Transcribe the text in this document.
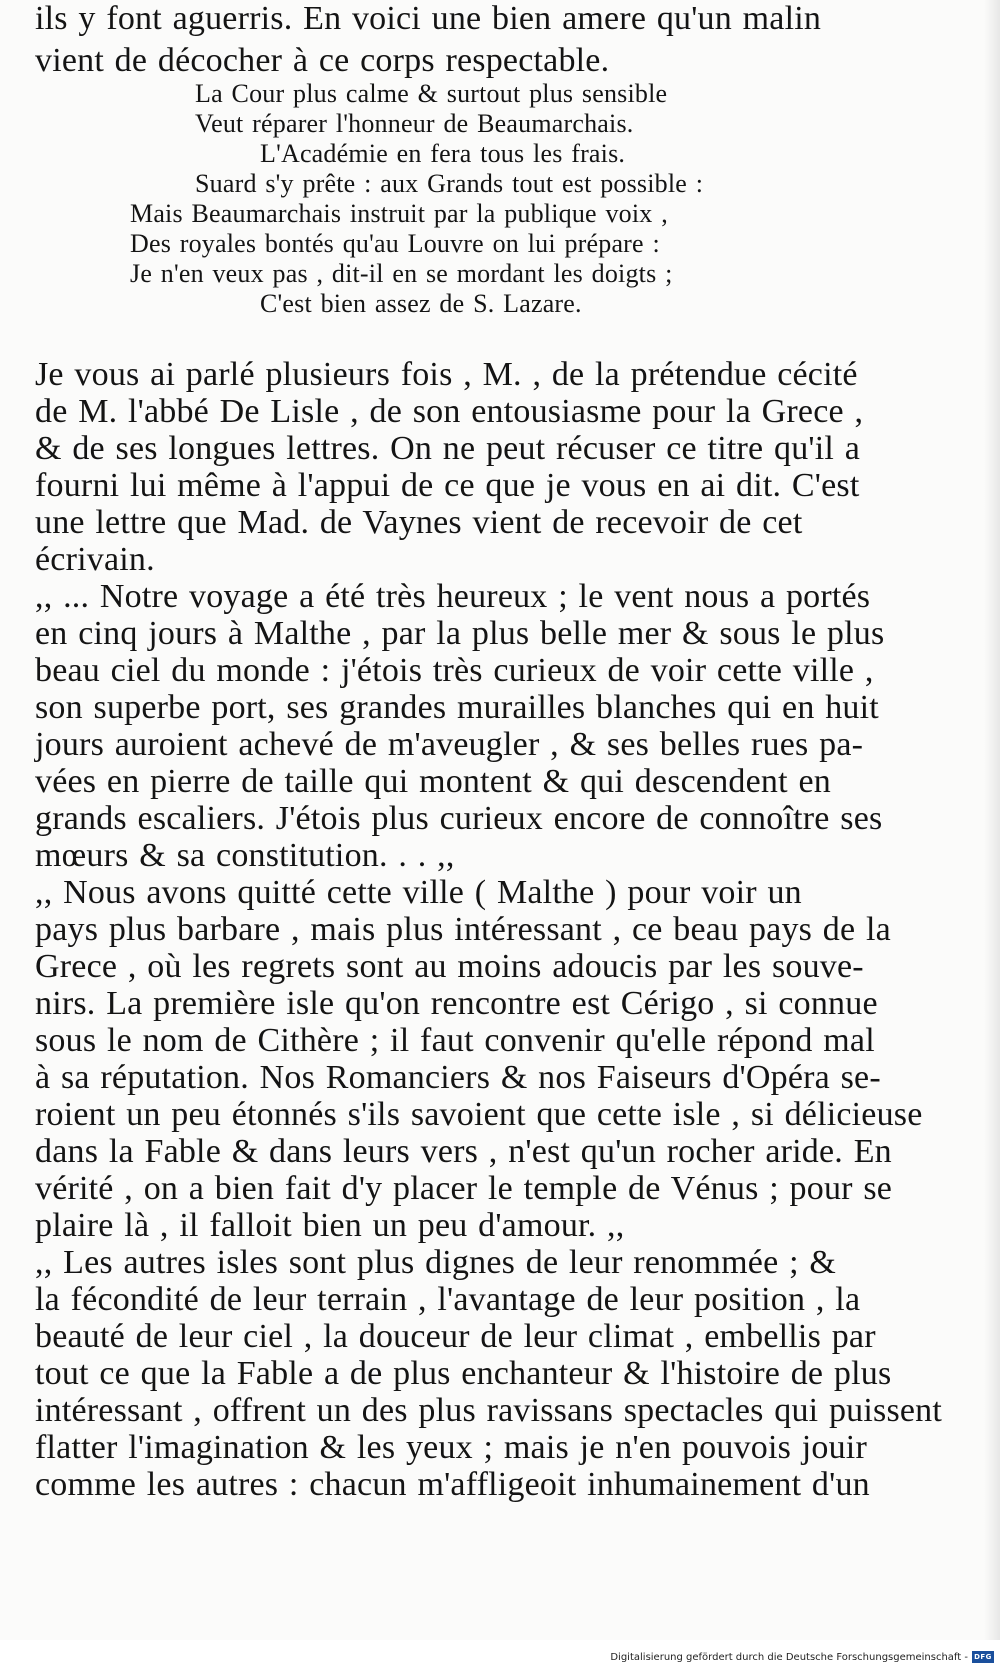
ils y font aguerris. En voici une bien amere qu'un malin
vient de décocher à ce corps respectable.
La Cour plus calme & surtout plus sensible
Veut réparer l'honneur de Beaumarchais.
L'Académie en fera tous les frais.
Suard s'y prête : aux Grands tout est possible :
Mais Beaumarchais instruit par la publique voix ,
Des royales bontés qu'au Louvre on lui prépare :
Je n'en veux pas , dit-il en se mordant les doigts ;
C'est bien assez de S. Lazare.
Je vous ai parlé plusieurs fois , M. , de la prétendue cécité
de M. l'abbé De Lisle , de son entousiasme pour la Grece ,
& de ses longues lettres. On ne peut récuser ce titre qu'il a
fourni lui même à l'appui de ce que je vous en ai dit. C'est
une lettre que Mad. de Vaynes vient de recevoir de cet
écrivain.
,, ... Notre voyage a été très heureux ; le vent nous a portés
en cinq jours à Malthe , par la plus belle mer & sous le plus
beau ciel du monde : j'étois très curieux de voir cette ville ,
son superbe port, ses grandes murailles blanches qui en huit
jours auroient achevé de m'aveugler , & ses belles rues pa-
vées en pierre de taille qui montent & qui descendent en
grands escaliers. J'étois plus curieux encore de connoître ses
mœurs & sa constitution. . . ,,
,, Nous avons quitté cette ville ( Malthe ) pour voir un
pays plus barbare , mais plus intéressant , ce beau pays de la
Grece , où les regrets sont au moins adoucis par les souve-
nirs. La première isle qu'on rencontre est Cérigo , si connue
sous le nom de Cithère ; il faut convenir qu'elle répond mal
à sa réputation. Nos Romanciers & nos Faiseurs d'Opéra se-
roient un peu étonnés s'ils savoient que cette isle , si délicieuse
dans la Fable & dans leurs vers , n'est qu'un rocher aride. En
vérité , on a bien fait d'y placer le temple de Vénus ; pour se
plaire là , il falloit bien un peu d'amour. ,,
,, Les autres isles sont plus dignes de leur renommée ; &
la fécondité de leur terrain , l'avantage de leur position , la
beauté de leur ciel , la douceur de leur climat , embellis par
tout ce que la Fable a de plus enchanteur & l'histoire de plus
intéressant , offrent un des plus ravissans spectacles qui puissent
flatter l'imagination & les yeux ; mais je n'en pouvois jouir
comme les autres : chacun m'affligeoit inhumainement d'un
Digitalisierung gefördert durch die Deutsche Forschungsgemeinschaft - DFG
